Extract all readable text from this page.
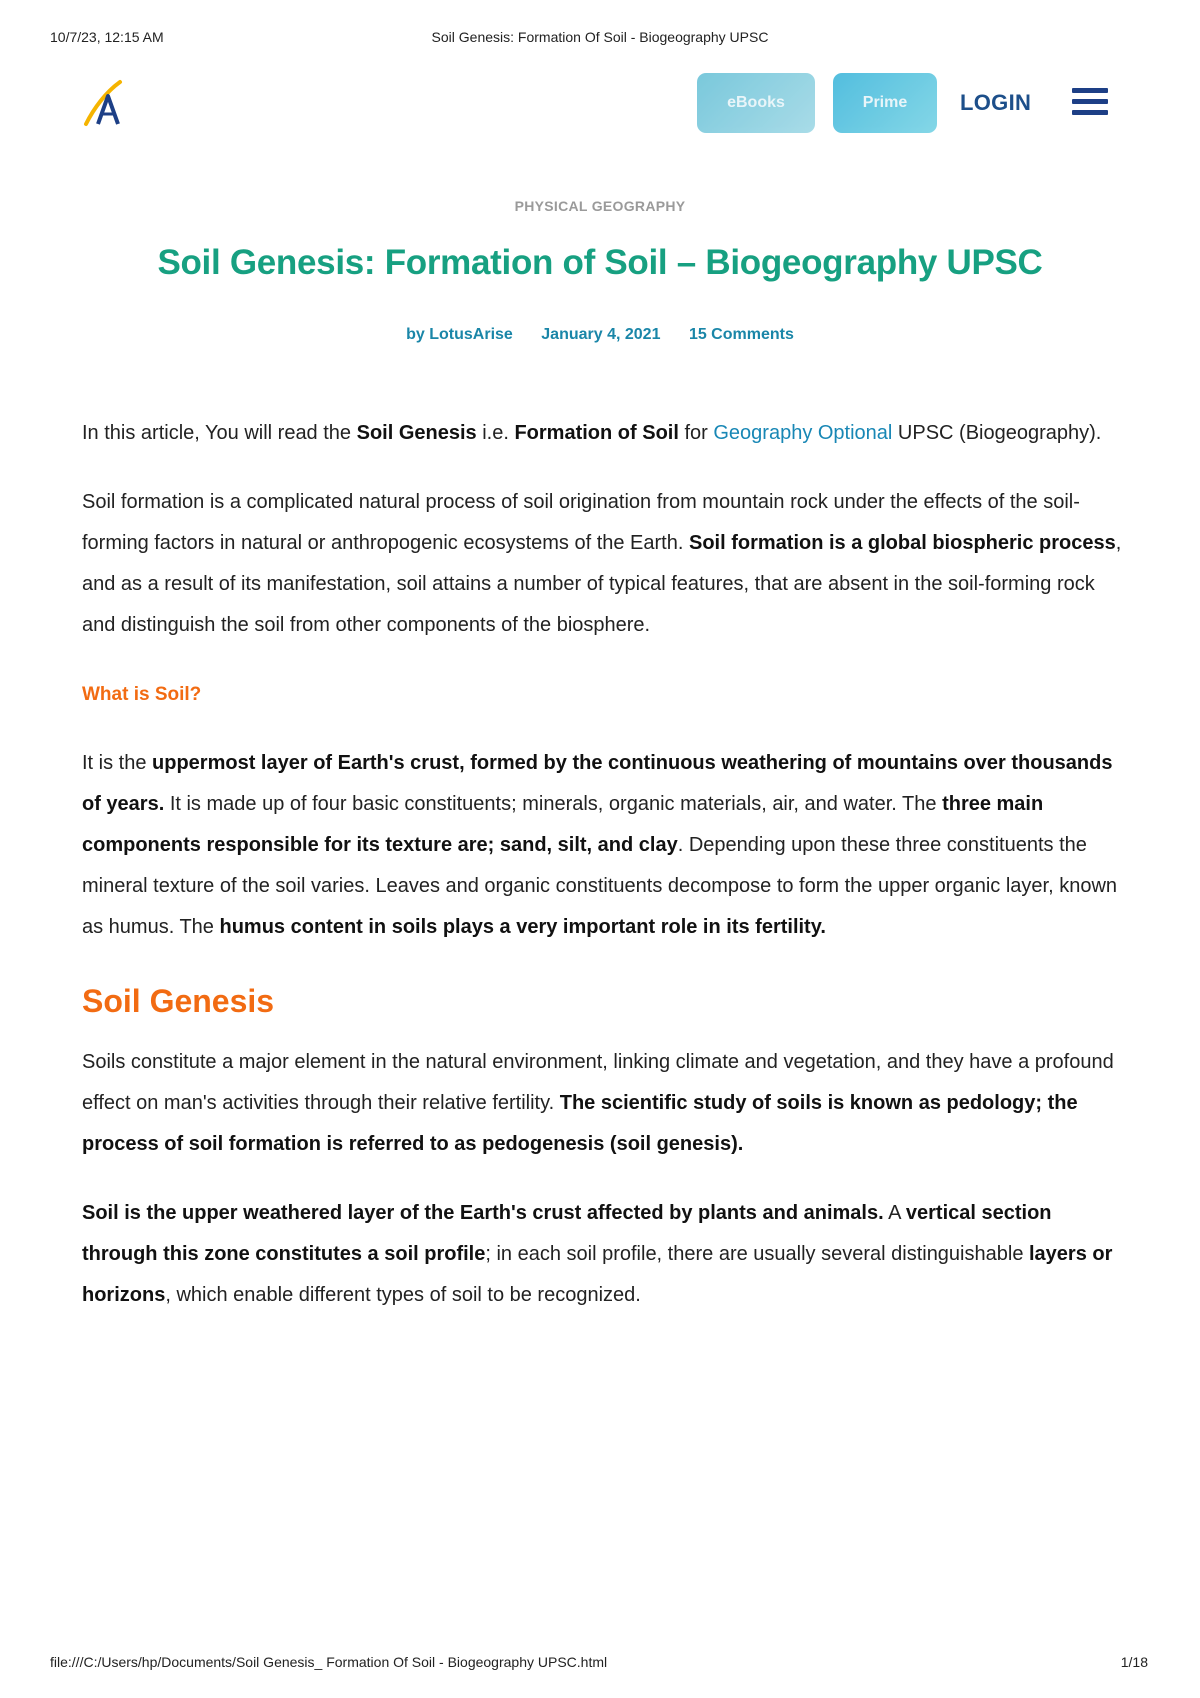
10/7/23, 12:15 AM	Soil Genesis: Formation Of Soil - Biogeography UPSC
eBooks	Prime	LOGIN
PHYSICAL GEOGRAPHY
Soil Genesis: Formation of Soil – Biogeography UPSC
by LotusArise January 4, 2021 15 Comments

In this article, You will read the Soil Genesis i.e. Formation of Soil for Geography Optional UPSC (Biogeography).

Soil formation is a complicated natural process of soil origination from mountain rock under the effects of the soil-forming factors in natural or anthropogenic ecosystems of the Earth. Soil formation is a global biospheric process, and as a result of its manifestation, soil attains a number of typical features, that are absent in the soil-forming rock and distinguish the soil from other components of the biosphere.

What is Soil?

It is the uppermost layer of Earth's crust, formed by the continuous weathering of mountains over thousands of years. It is made up of four basic constituents; minerals, organic materials, air, and water. The three main components responsible for its texture are; sand, silt, and clay. Depending upon these three constituents the mineral texture of the soil varies. Leaves and organic constituents decompose to form the upper organic layer, known as humus. The humus content in soils plays a very important role in its fertility.

Soil Genesis

Soils constitute a major element in the natural environment, linking climate and vegetation, and they have a profound effect on man's activities through their relative fertility. The scientific study of soils is known as pedology; the process of soil formation is referred to as pedogenesis (soil genesis).

Soil is the upper weathered layer of the Earth's crust affected by plants and animals. A vertical section through this zone constitutes a soil profile; in each soil profile, there are usually several distinguishable layers or horizons, which enable different types of soil to be recognized.

file:///C:/Users/hp/Documents/Soil Genesis_ Formation Of Soil - Biogeography UPSC.html	1/18
